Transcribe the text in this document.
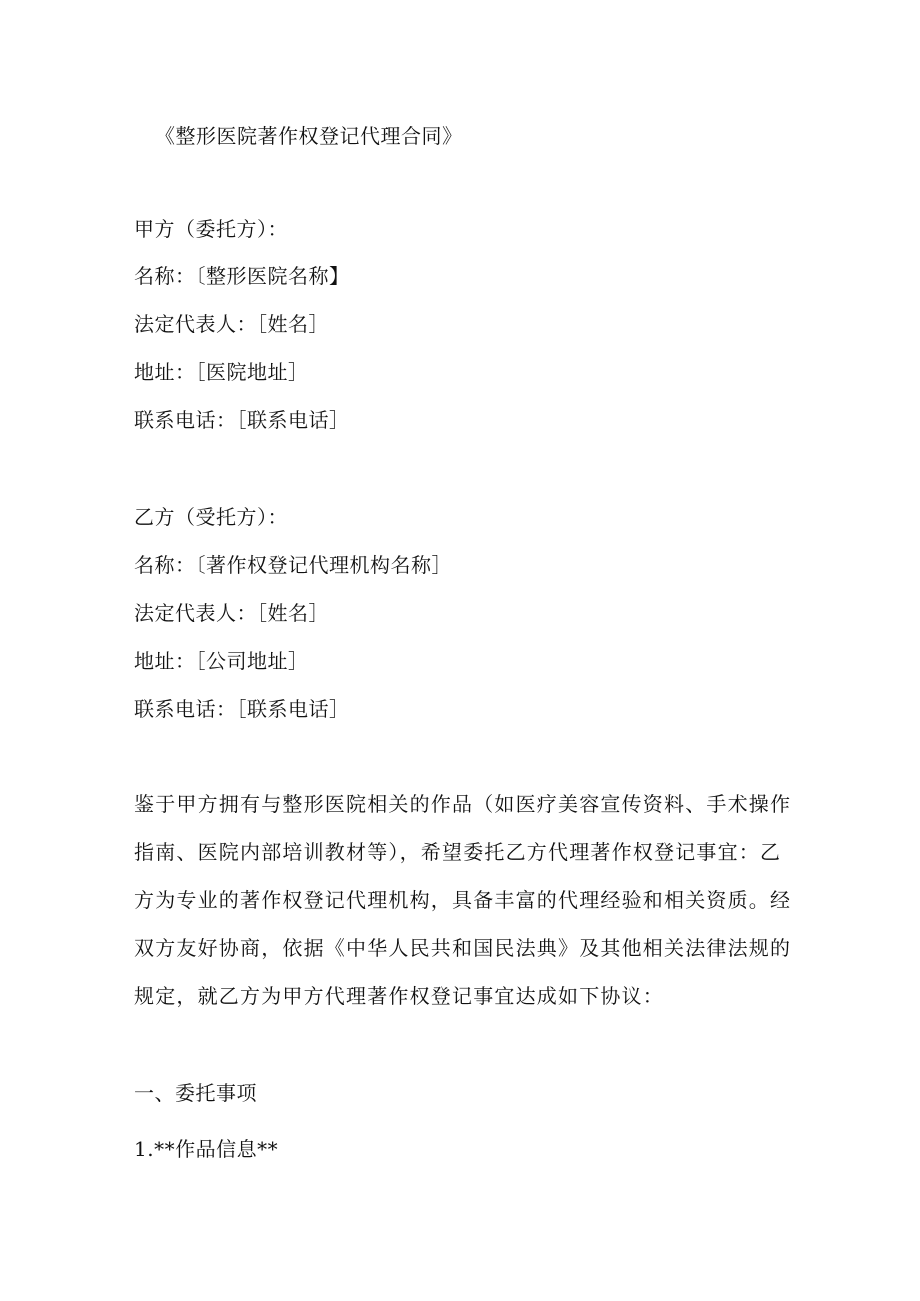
《整形医院著作权登记代理合同》
甲方（委托方）：
名称：〔整形医院名称】
法定代表人：［姓名］
地址：［医院地址］
联系电话：［联系电话］
乙方（受托方）：
名称：〔著作权登记代理机构名称］
法定代表人：［姓名］
地址：［公司地址］
联系电话：［联系电话］
鉴于甲方拥有与整形医院相关的作品（如医疗美容宣传资料、手术操作
指南、医院内部培训教材等），希望委托乙方代理著作权登记事宜：乙
方为专业的著作权登记代理机构，具备丰富的代理经验和相关资质。经
双方友好协商，依据《中华人民共和国民法典》及其他相关法律法规的
规定，就乙方为甲方代理著作权登记事宜达成如下协议：
一、委托事项
1.**作品信息**
